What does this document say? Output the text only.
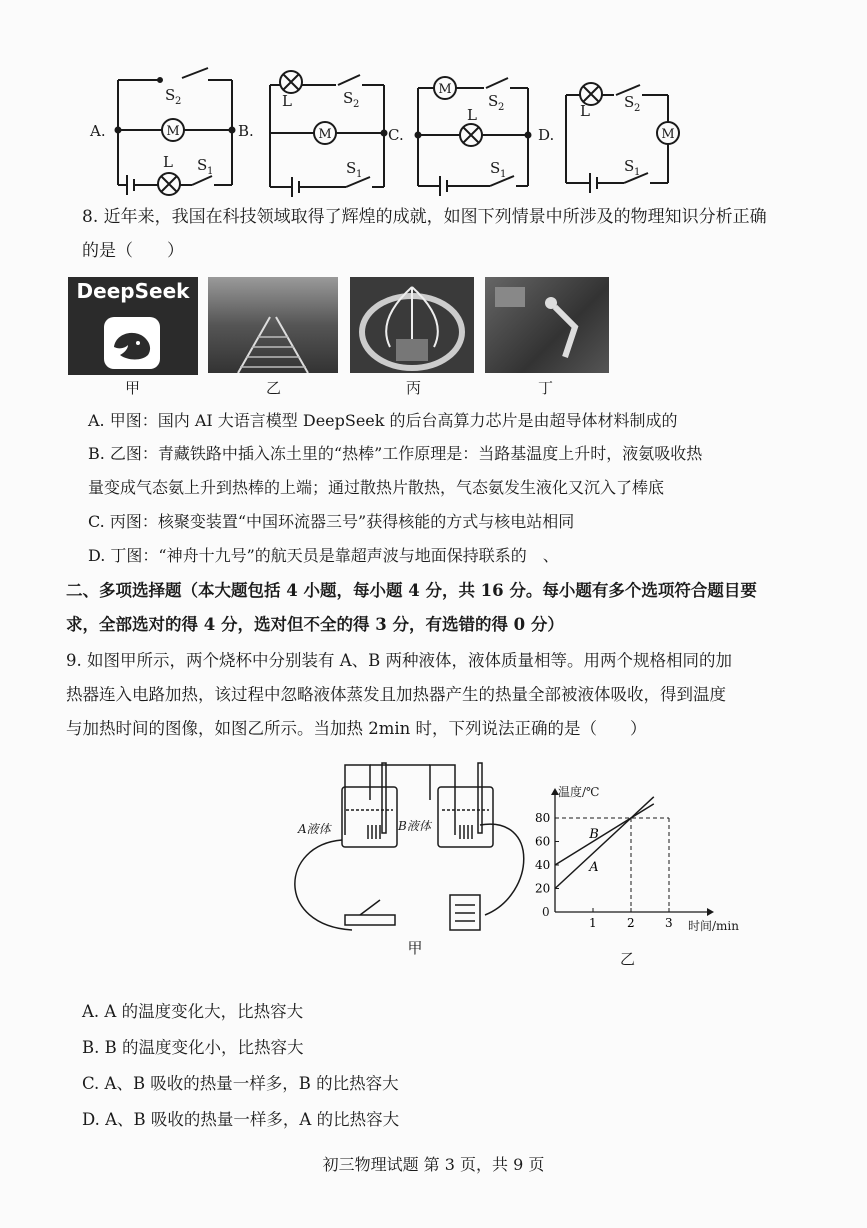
M	M
M
M
A.	B.	C.	D.
S 2
L S 1
L	S 2
S 1
S 2
L
S 1
L S 2
S 1
8. 近年来，我国在科技领域取得了辉煌的成就，如图下列情景中所涉及的物理知识分析正确
的是（　　）
DeepSeek
甲	乙	丙	丁
A. 甲图：国内 AI 大语言模型 DeepSeek 的后台高算力芯片是由超导体材料制成的
B. 乙图：青藏铁路中插入冻土里的“热棒”工作原理是：当路基温度上升时，液氨吸收热
量变成气态氨上升到热棒的上端；通过散热片散热，气态氨发生液化又沉入了棒底
C. 丙图：核聚变装置“中国环流器三号”获得核能的方式与核电站相同
D. 丁图：“神舟十九号”的航天员是靠超声波与地面保持联系的　、
二、多项选择题（本大题包括 4 小题，每小题 4 分，共 16 分。每小题有多个选项符合题目要
求，全部选对的得 4 分，选对但不全的得 3 分，有选错的得 0 分）
9. 如图甲所示，两个烧杯中分别装有 A、B 两种液体，液体质量相等。用两个规格相同的加
热器连入电路加热，该过程中忽略液体蒸发且加热器产生的热量全部被液体吸收，得到温度
与加热时间的图像，如图乙所示。当加热 2min 时，下列说法正确的是（　　）
A液体	B液体
甲
温度/℃
时间/min
0
1	2	3
20
40
60
80
A
B
乙
A. A 的温度变化大，比热容大
B. B 的温度变化小，比热容大
C. A、B 吸收的热量一样多，B 的比热容大
D. A、B 吸收的热量一样多，A 的比热容大
初三物理试题 第 3 页，共 9 页
